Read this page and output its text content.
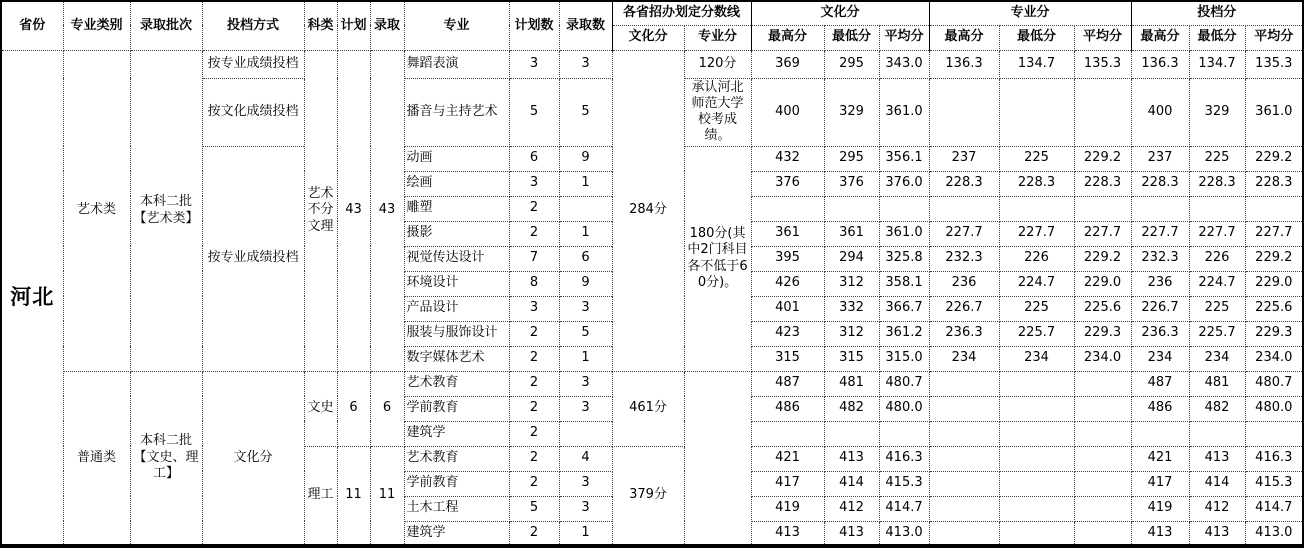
省份	专业类别	录取批次	投档方式	科类	计划	录取	专业	计划数	录取数	各省招办划定分数线		文化分			专业分			投档分		
										文化分	专业分	最高分	最低分	平均分	最高分	最低分	平均分	最高分	最低分	平均分
河北	艺术类	本科二批【艺术类】	按专业成绩投档	艺术不分文理	43	43	舞蹈表演	3	3	284分	120分	369	295	343.0	136.3	134.7	135.3	136.3	134.7	135.3
			按文化成绩投档				播音与主持艺术	5	5		承认河北师范大学校考成绩。	400	329	361.0				400	329	361.0
			按专业成绩投档				动画	6	9		180分(其中2门科目各不低于60分)。	432	295	356.1	237	225	229.2	237	225	229.2
							绘画	3	1			376	376	376.0	228.3	228.3	228.3	228.3	228.3	228.3
							雕塑	2												
							摄影	2	1			361	361	361.0	227.7	227.7	227.7	227.7	227.7	227.7
							视觉传达设计	7	6			395	294	325.8	232.3	226	229.2	232.3	226	229.2
							环境设计	8	9			426	312	358.1	236	224.7	229.0	236	224.7	229.0
							产品设计	3	3			401	332	366.7	226.7	225	225.6	226.7	225	225.6
							服装与服饰设计	2	5			423	312	361.2	236.3	225.7	229.3	236.3	225.7	229.3
							数字媒体艺术	2	1			315	315	315.0	234	234	234.0	234	234	234.0
	普通类	本科二批【文史、理工】	文化分	文史	6	6	艺术教育	2	3	461分		487	481	480.7				487	481	480.7
							学前教育	2	3			486	482	480.0				486	482	480.0
							建筑学	2												
				理工	11	11	艺术教育	2	4	379分		421	413	416.3				421	413	416.3
							学前教育	2	3			417	414	415.3				417	414	415.3
							土木工程	5	3			419	412	414.7				419	412	414.7
							建筑学	2	1			413	413	413.0				413	413	413.0
